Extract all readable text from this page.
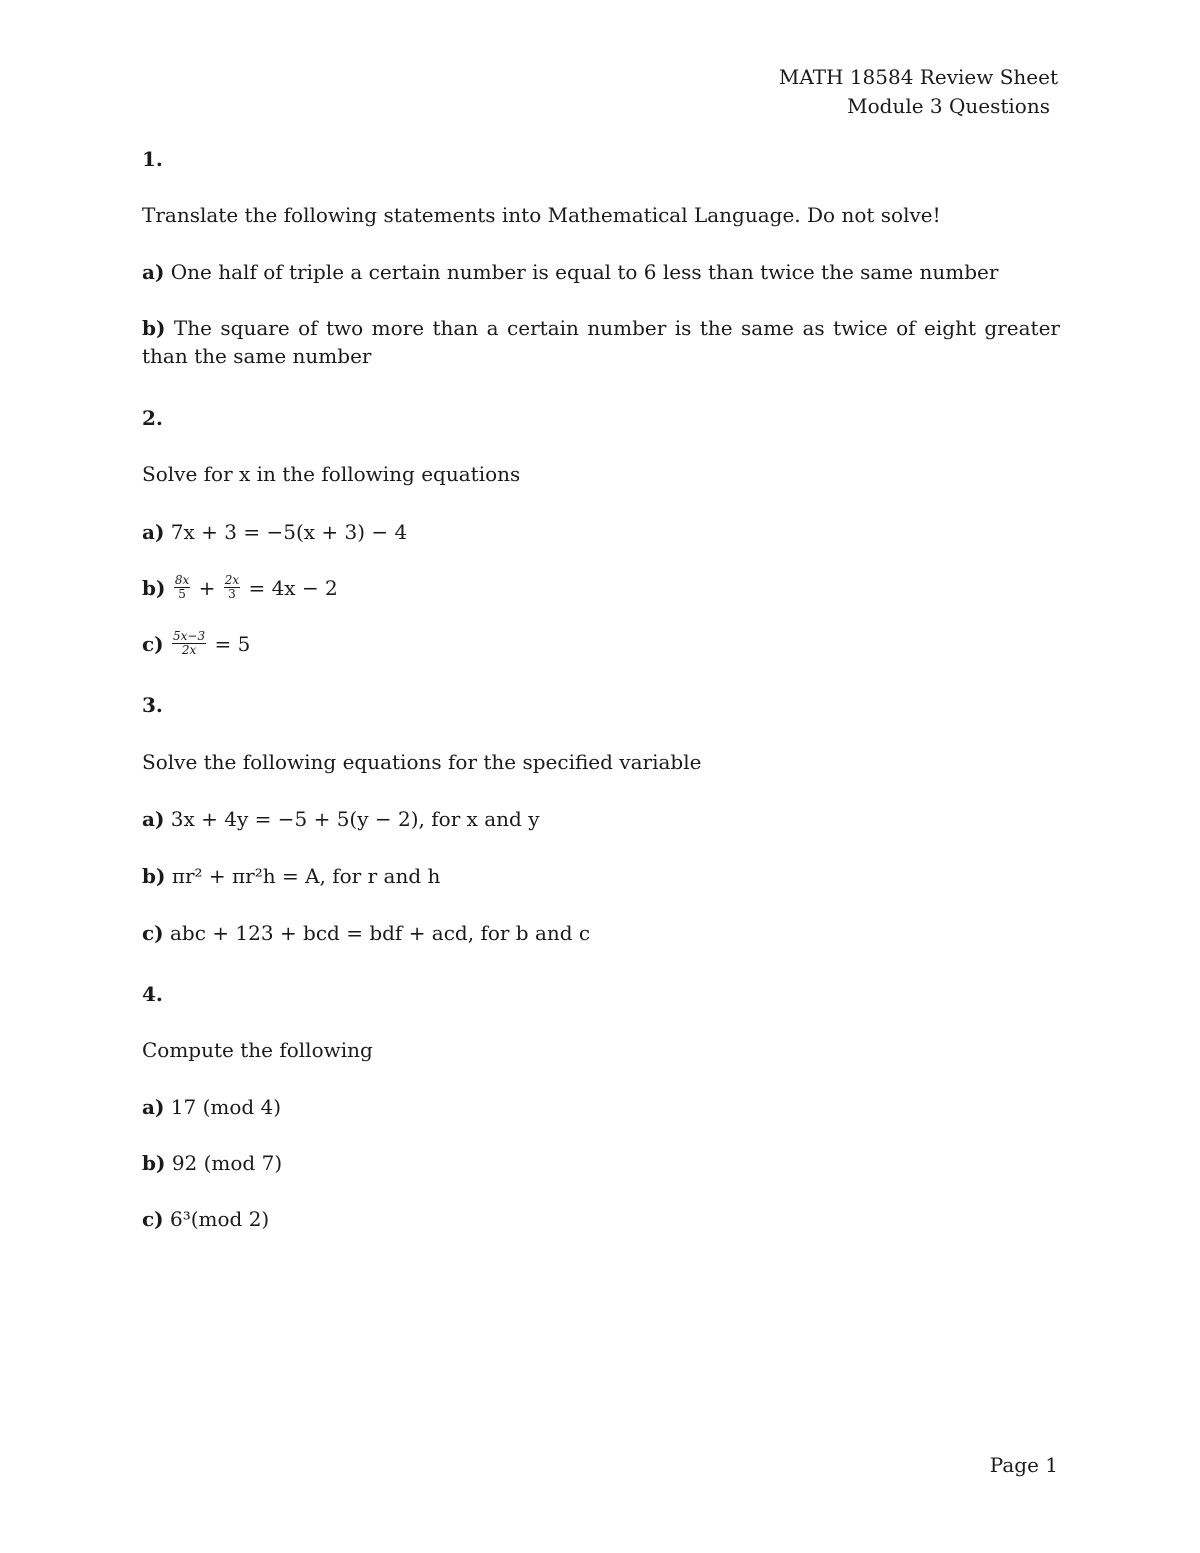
MATH 18584 Review Sheet
Module 3 Questions
1.
Translate the following statements into Mathematical Language. Do not solve!
a) One half of triple a certain number is equal to 6 less than twice the same number
b) The square of two more than a certain number is the same as twice of eight greater than the same number
2.
Solve for x in the following equations
a) 7x + 3 = −5(x + 3) − 4
$b) \frac{8x}{5} + \frac{2x}{3} = 4x - 2$
$c) \frac{5x-3}{2x} = 5$
3.
Solve the following equations for the specified variable
a) 3x + 4y = −5 + 5(y − 2), for x and y
b) πr² + πr²h = A, for r and h
c) abc + 123 + bcd = bdf + acd, for b and c
4.
Compute the following
a) 17 (mod 4)
b) 92 (mod 7)
c) 6³(mod 2)
Page 1
